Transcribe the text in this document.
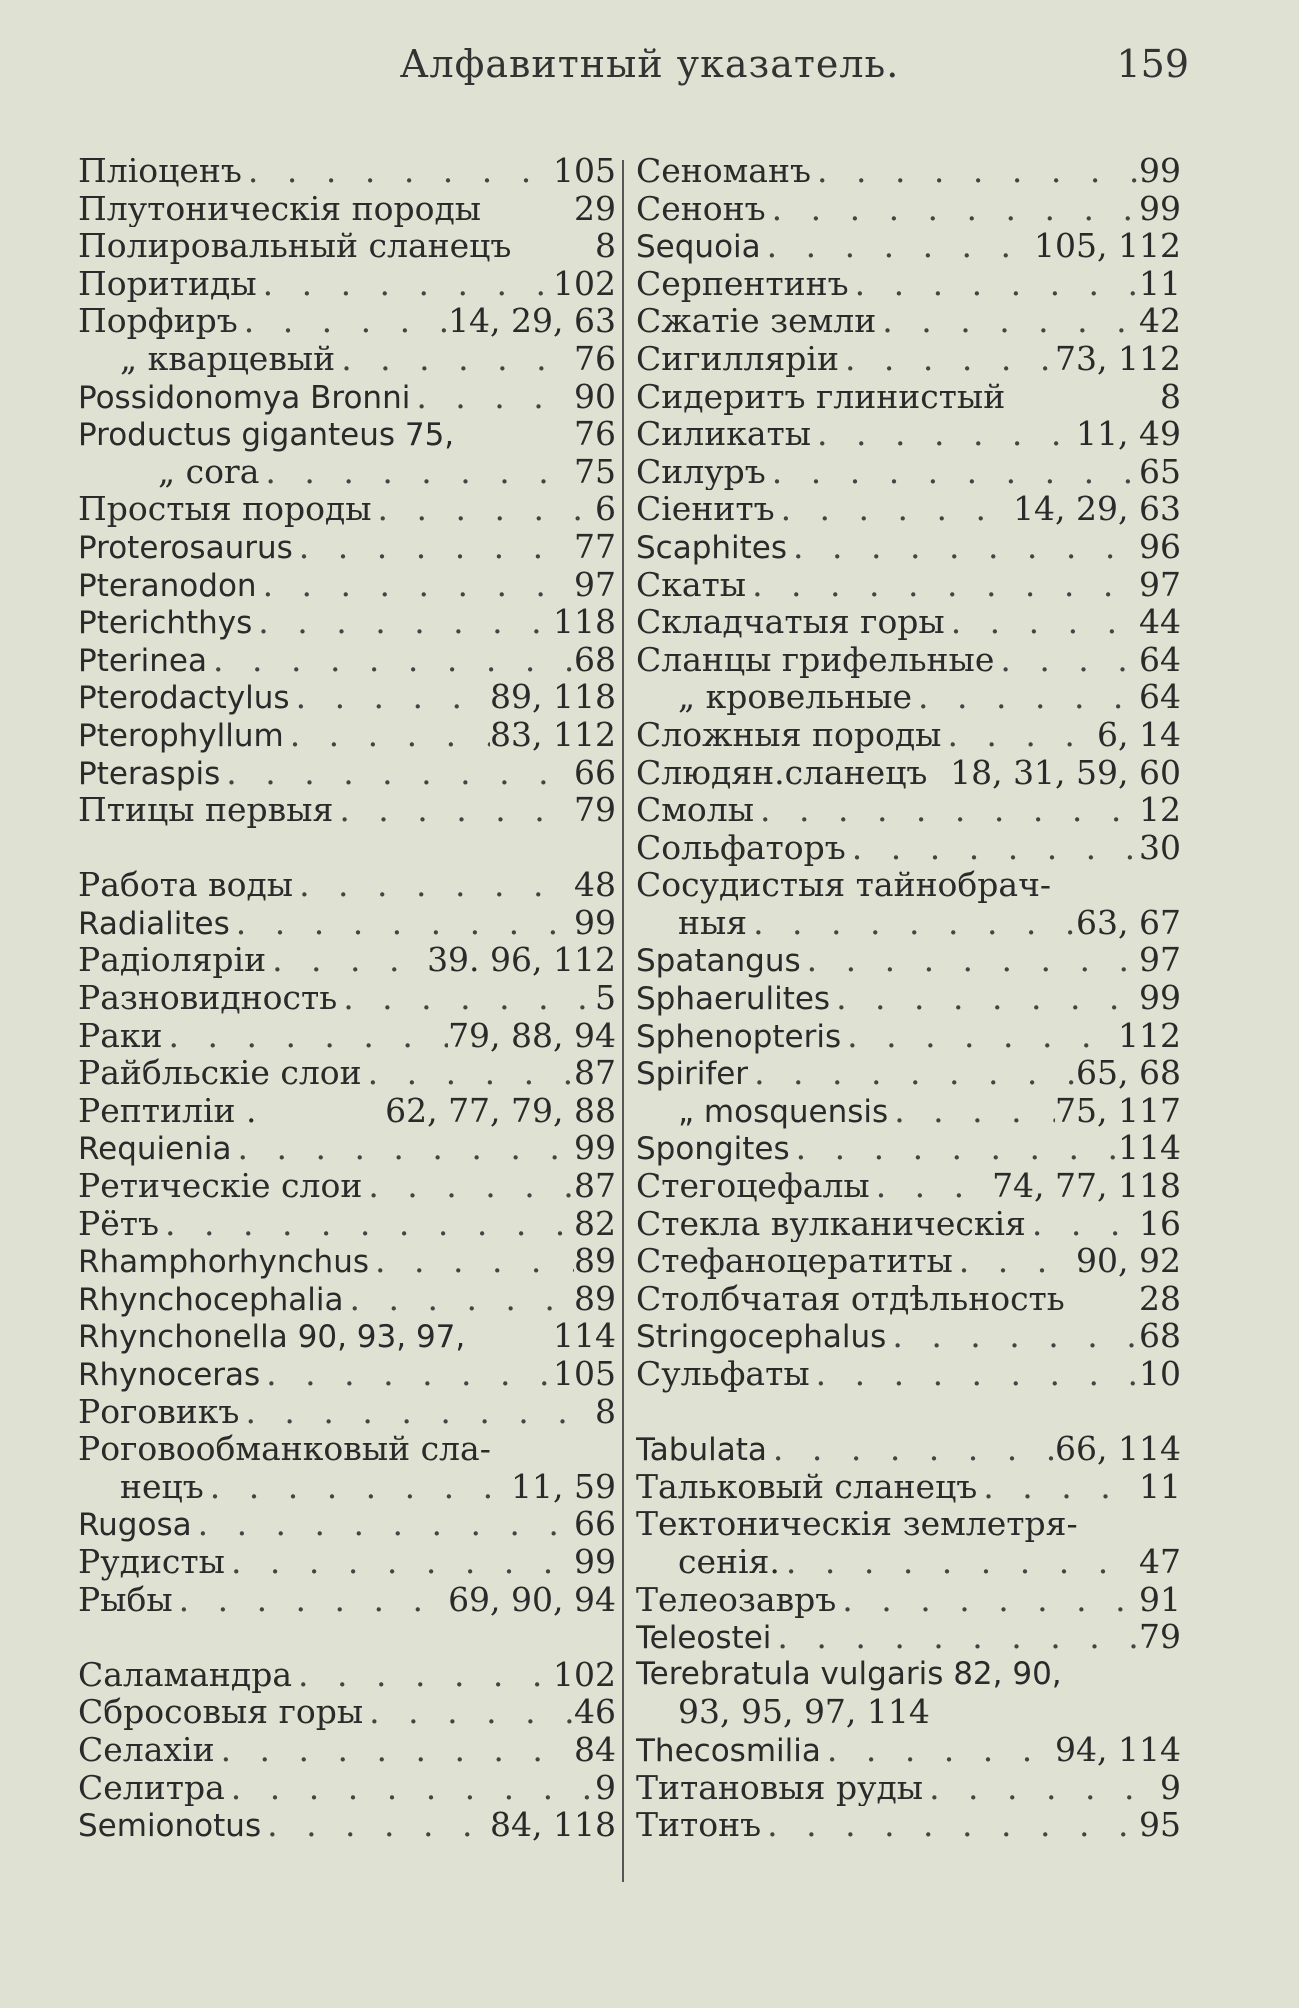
Алфавитный указатель.	159
Пліоценъ . . .	105
Плутоническія породы	29
Полировальный сланецъ	8
Поритиды . . .	102
Порфиръ . . .	14, 29, 63
„ кварцевый . . .	76
Possidonomya Bronni . . .	90
Productus giganteus 75,	76
„ cora . . .	75
Простыя породы . . .	6
Proterosaurus . . .	77
Pteranodon . . .	97
Pterichthys . . .	118
Pterinea . . .	68
Pterodactylus . . .	89, 118
Pterophyllum . . .	83, 112
Pteraspis . . .	66
Птицы первыя . . .	79
Работа воды . . .	48
Radialites . . .	99
Радіоляріи . . .	39. 96, 112
Разновидность . . .	5
Раки . . .	79, 88, 94
Райбльскіе слои . . .	87
Рептиліи .	62, 77, 79, 88
Requienia . . .	99
Ретическіе слои . . .	87
Рётъ . . .	82
Rhamphorhynchus . . .	89
Rhynchocephalia . . .	89
Rhynchonella 90, 93, 97,	114
Rhynoceras . . .	105
Роговикъ . . .	8
Роговообманковый сла-
нецъ . . .	11, 59
Rugosa . . .	66
Рудисты . . .	99
Рыбы . . .	69, 90, 94
Саламандра . . .	102
Сбросовыя горы . . .	46
Селахіи . . .	84
Селитра . . .	9
Semionotus . . .	84, 118
Сеноманъ . . .	99
Сенонъ . . .	99
Sequoia . . .	105, 112
Серпентинъ . . .	11
Сжатіе земли . . .	42
Сигилляріи . . .	73, 112
Сидеритъ глинистый	8
Силикаты . . .	11, 49
Силуръ . . .	65
Сіенитъ . . .	14, 29, 63
Scaphites . . .	96
Скаты . . .	97
Складчатыя горы . . .	44
Сланцы грифельные . . .	64
„ кровельные . . .	64
Сложныя породы . . .	6, 14
Слюдян.сланецъ 18, 31, 59, 60
Смолы . . .	12
Сольфаторъ . . .	30
Сосудистыя тайнобрач-
ныя . . .	63, 67
Spatangus . . .	97
Sphaerulites . . .	99
Sphenopteris . . .	112
Spirifer . . .	65, 68
„ mosquensis . . .	75, 117
Spongites . . .	114
Стегоцефалы . . .	74, 77, 118
Стекла вулканическія . . .	16
Стефаноцератиты . . .	90, 92
Столбчатая отдѣльность 28
Stringocephalus . . .	68
Сульфаты . . .	10
Tabulata . . .	66, 114
Тальковый сланецъ . . .	11
Тектоническія землетря-
сенія. . . .	47
Телеозавръ . . .	91
Teleostei . . .	79
Terebratula vulgaris 82, 90,
93, 95, 97, 114
Thecosmilia . . .	94, 114
Титановыя руды . . .	9
Титонъ . . .	95
